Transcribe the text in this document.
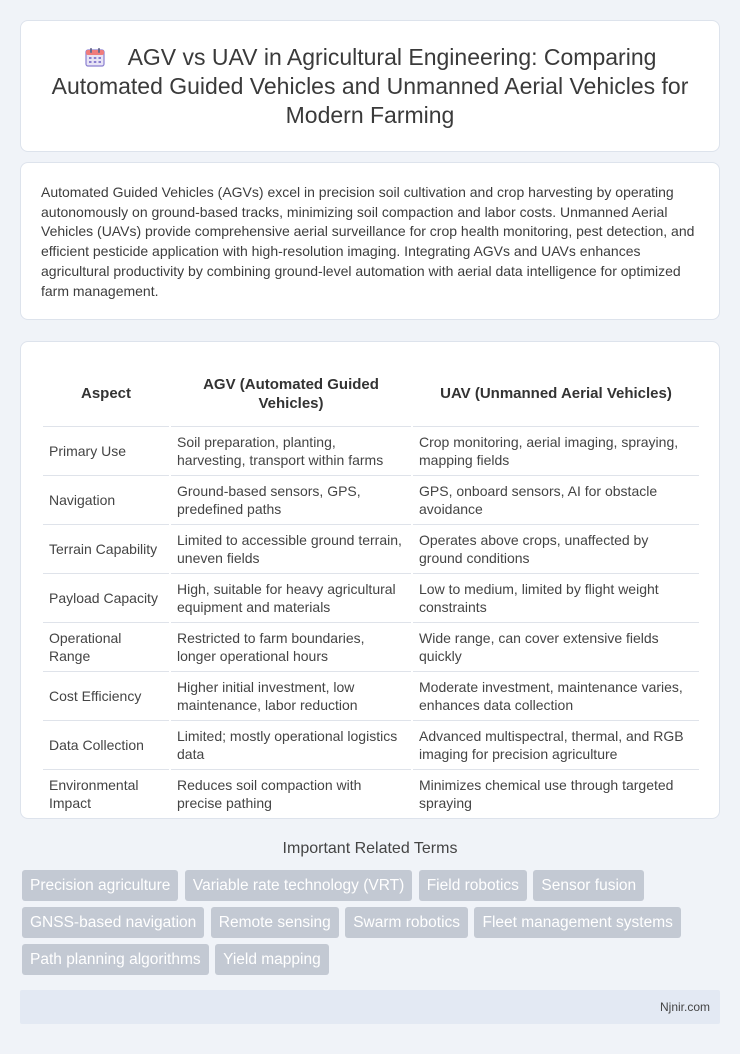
AGV vs UAV in Agricultural Engineering: Comparing Automated Guided Vehicles and Unmanned Aerial Vehicles for Modern Farming

Automated Guided Vehicles (AGVs) excel in precision soil cultivation and crop harvesting by operating autonomously on ground-based tracks, minimizing soil compaction and labor costs. Unmanned Aerial Vehicles (UAVs) provide comprehensive aerial surveillance for crop health monitoring, pest detection, and efficient pesticide application with high-resolution imaging. Integrating AGVs and UAVs enhances agricultural productivity by combining ground-level automation with aerial data intelligence for optimized farm management.

Aspect	AGV (Automated Guided Vehicles)	UAV (Unmanned Aerial Vehicles)
Primary Use	Soil preparation, planting, harvesting, transport within farms	Crop monitoring, aerial imaging, spraying, mapping fields
Navigation	Ground-based sensors, GPS, predefined paths	GPS, onboard sensors, AI for obstacle avoidance
Terrain Capability	Limited to accessible ground terrain, uneven fields	Operates above crops, unaffected by ground conditions
Payload Capacity	High, suitable for heavy agricultural equipment and materials	Low to medium, limited by flight weight constraints
Operational Range	Restricted to farm boundaries, longer operational hours	Wide range, can cover extensive fields quickly
Cost Efficiency	Higher initial investment, low maintenance, labor reduction	Moderate investment, maintenance varies, enhances data collection
Data Collection	Limited; mostly operational logistics data	Advanced multispectral, thermal, and RGB imaging for precision agriculture
Environmental Impact	Reduces soil compaction with precise pathing	Minimizes chemical use through targeted spraying
Important Related Terms
Precision agriculture Variable rate technology (VRT) Field robotics Sensor fusion GNSS-based navigation Remote sensing Swarm robotics Fleet management systems Path planning algorithms Yield mapping
Njnir.com
